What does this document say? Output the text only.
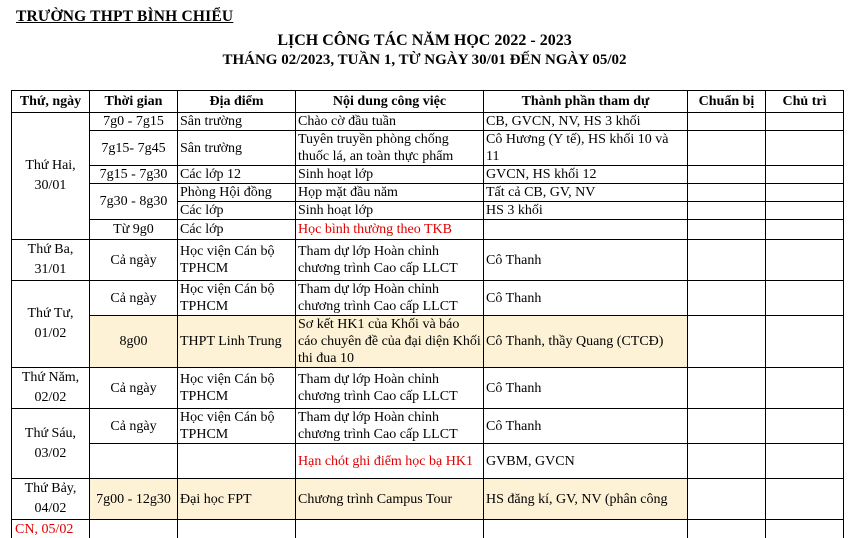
TRƯỜNG THPT BÌNH CHIỂU
LỊCH CÔNG TÁC NĂM HỌC 2022 - 2023
THÁNG 02/2023, TUẦN 1, TỪ NGÀY 30/01 ĐẾN NGÀY 05/02
Thứ, ngày	Thời gian	Địa điểm	Nội dung công việc	Thành phần tham dự	Chuẩn bị	Chủ trì
Thứ Hai,
30/01	7g0 - 7g15	Sân trường	Chào cờ đầu tuần	CB, GVCN, NV, HS 3 khối		
	7g15- 7g45	Sân trường	Tuyên truyền phòng chống thuốc lá, an toàn thực phẩm	Cô Hương (Y tế), HS khối 10 và 11		
	7g15 - 7g30	Các lớp 12	Sinh hoạt lớp	GVCN, HS khối 12		
	7g30 - 8g30	Phòng Hội đồng	Họp mặt đầu năm	Tất cả CB, GV, NV		
		Các lớp	Sinh hoạt lớp	HS 3 khối		
	Từ 9g0	Các lớp	Học bình thường theo TKB			
Thứ Ba,
31/01	Cả ngày	Học viện Cán bộ TPHCM	Tham dự lớp Hoàn chỉnh chương trình Cao cấp LLCT	Cô Thanh		
Thứ Tư,
01/02	Cả ngày	Học viện Cán bộ TPHCM	Tham dự lớp Hoàn chỉnh chương trình Cao cấp LLCT	Cô Thanh		
	8g00	THPT Linh Trung	Sơ kết HK1 của Khối và báo cáo chuyên đề của đại diện Khối thi đua 10	Cô Thanh, thầy Quang (CTCĐ)		
Thứ Năm,
02/02	Cả ngày	Học viện Cán bộ TPHCM	Tham dự lớp Hoàn chỉnh chương trình Cao cấp LLCT	Cô Thanh		
Thứ Sáu,
03/02	Cả ngày	Học viện Cán bộ TPHCM	Tham dự lớp Hoàn chỉnh chương trình Cao cấp LLCT	Cô Thanh		
			Hạn chót ghi điểm học bạ HK1	GVBM, GVCN		
Thứ Bảy,
04/02	7g00 - 12g30	Đại học FPT	Chương trình Campus Tour	HS đăng kí, GV, NV (phân công		
CN, 05/02						
